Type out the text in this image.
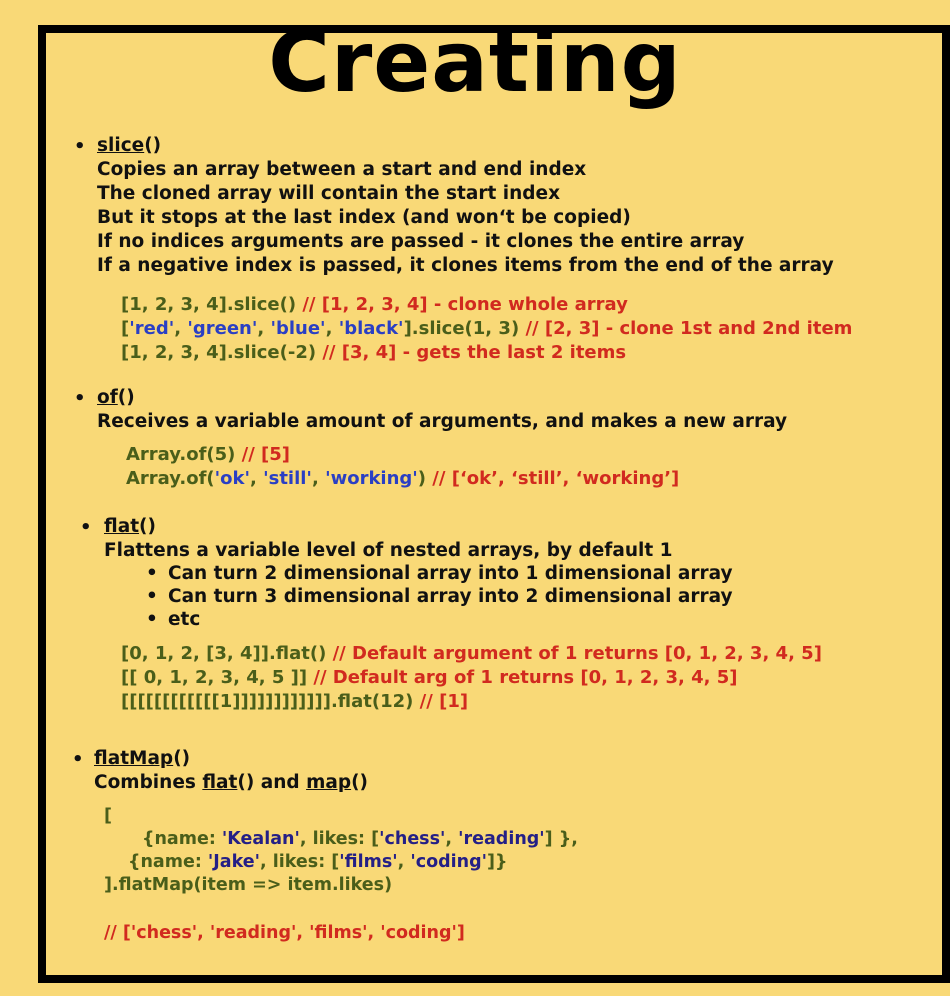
Creating
• slice()
Copies an array between a start and end index
The cloned array will contain the start index
But it stops at the last index (and won‘t be copied)
If no indices arguments are passed - it clones the entire array
If a negative index is passed, it clones items from the end of the array
[1, 2, 3, 4].slice() // [1, 2, 3, 4] - clone whole array
['red', 'green', 'blue', 'black'].slice(1, 3) // [2, 3] - clone 1st and 2nd item
[1, 2, 3, 4].slice(-2) // [3, 4] - gets the last 2 items
• of()
Receives a variable amount of arguments, and makes a new array
Array.of(5) // [5]
Array.of('ok', 'still', 'working') // [‘ok’, ‘still’, ‘working’]
• flat()
Flattens a variable level of nested arrays, by default 1
• Can turn 2 dimensional array into 1 dimensional array
• Can turn 3 dimensional array into 2 dimensional array
• etc
[0, 1, 2, [3, 4]].flat() // Default argument of 1 returns [0, 1, 2, 3, 4, 5]
[[ 0, 1, 2, 3, 4, 5 ]] // Default arg of 1 returns [0, 1, 2, 3, 4, 5]
[[[[[[[[[[[[1]]]]]]]]]]]].flat(12) // [1]
• flatMap()
Combines flat() and map()
[
{name: 'Kealan', likes: ['chess', 'reading'] },
{name: 'Jake', likes: ['films', 'coding']}
].flatMap(item => item.likes)
// ['chess', 'reading', 'films', 'coding']
